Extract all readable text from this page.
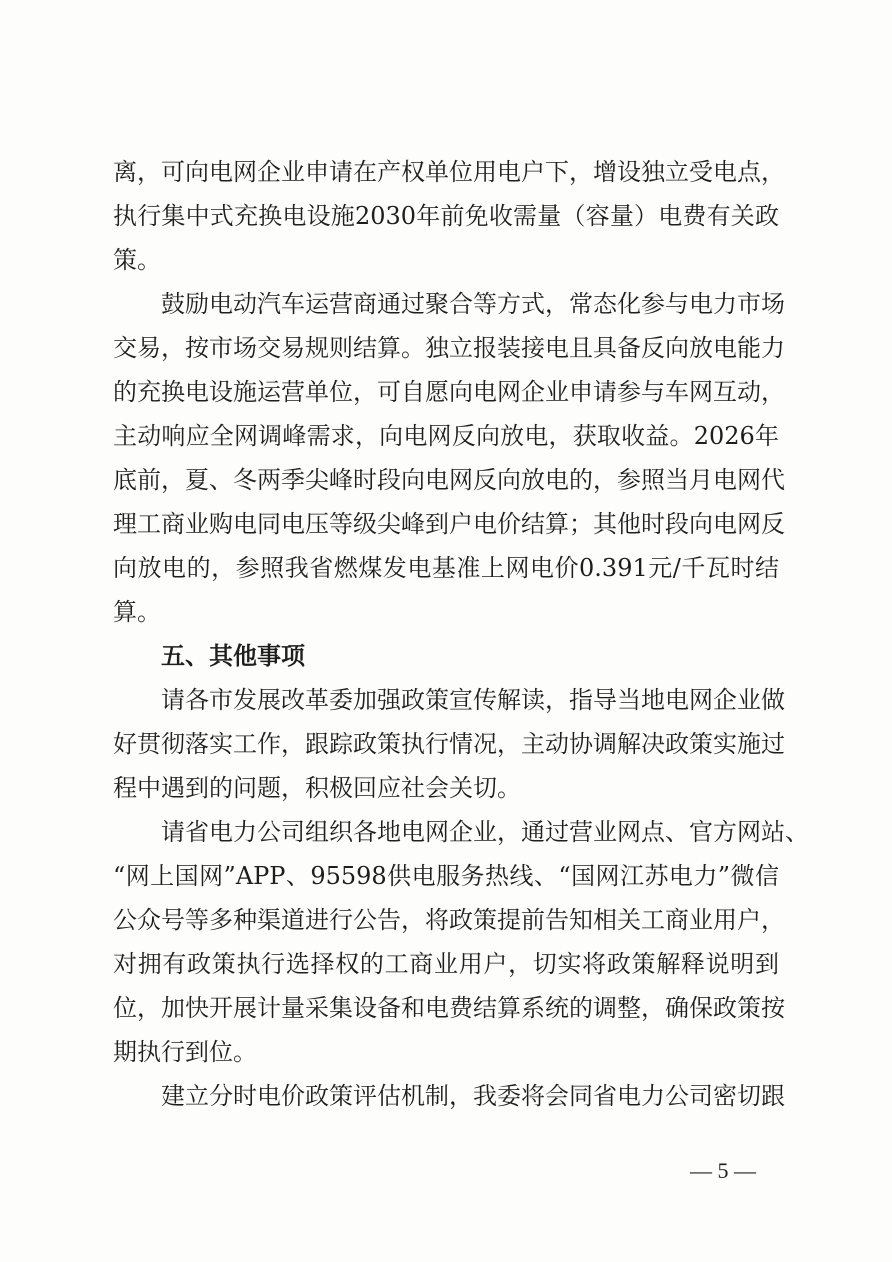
离，可向电网企业申请在产权单位用电户下，增设独立受电点，
执行集中式充换电设施2030年前免收需量（容量）电费有关政
策。
鼓励电动汽车运营商通过聚合等方式，常态化参与电力市场
交易，按市场交易规则结算。独立报装接电且具备反向放电能力
的充换电设施运营单位，可自愿向电网企业申请参与车网互动，
主动响应全网调峰需求，向电网反向放电，获取收益。2026年
底前，夏、冬两季尖峰时段向电网反向放电的，参照当月电网代
理工商业购电同电压等级尖峰到户电价结算；其他时段向电网反
向放电的，参照我省燃煤发电基准上网电价0.391元/千瓦时结
算。
五、其他事项
请各市发展改革委加强政策宣传解读，指导当地电网企业做
好贯彻落实工作，跟踪政策执行情况，主动协调解决政策实施过
程中遇到的问题，积极回应社会关切。
请省电力公司组织各地电网企业，通过营业网点、官方网站、
“网上国网”APP、95598供电服务热线、“国网江苏电力”微信
公众号等多种渠道进行公告，将政策提前告知相关工商业用户，
对拥有政策执行选择权的工商业用户，切实将政策解释说明到
位，加快开展计量采集设备和电费结算系统的调整，确保政策按
期执行到位。
建立分时电价政策评估机制，我委将会同省电力公司密切跟
— 5 —
